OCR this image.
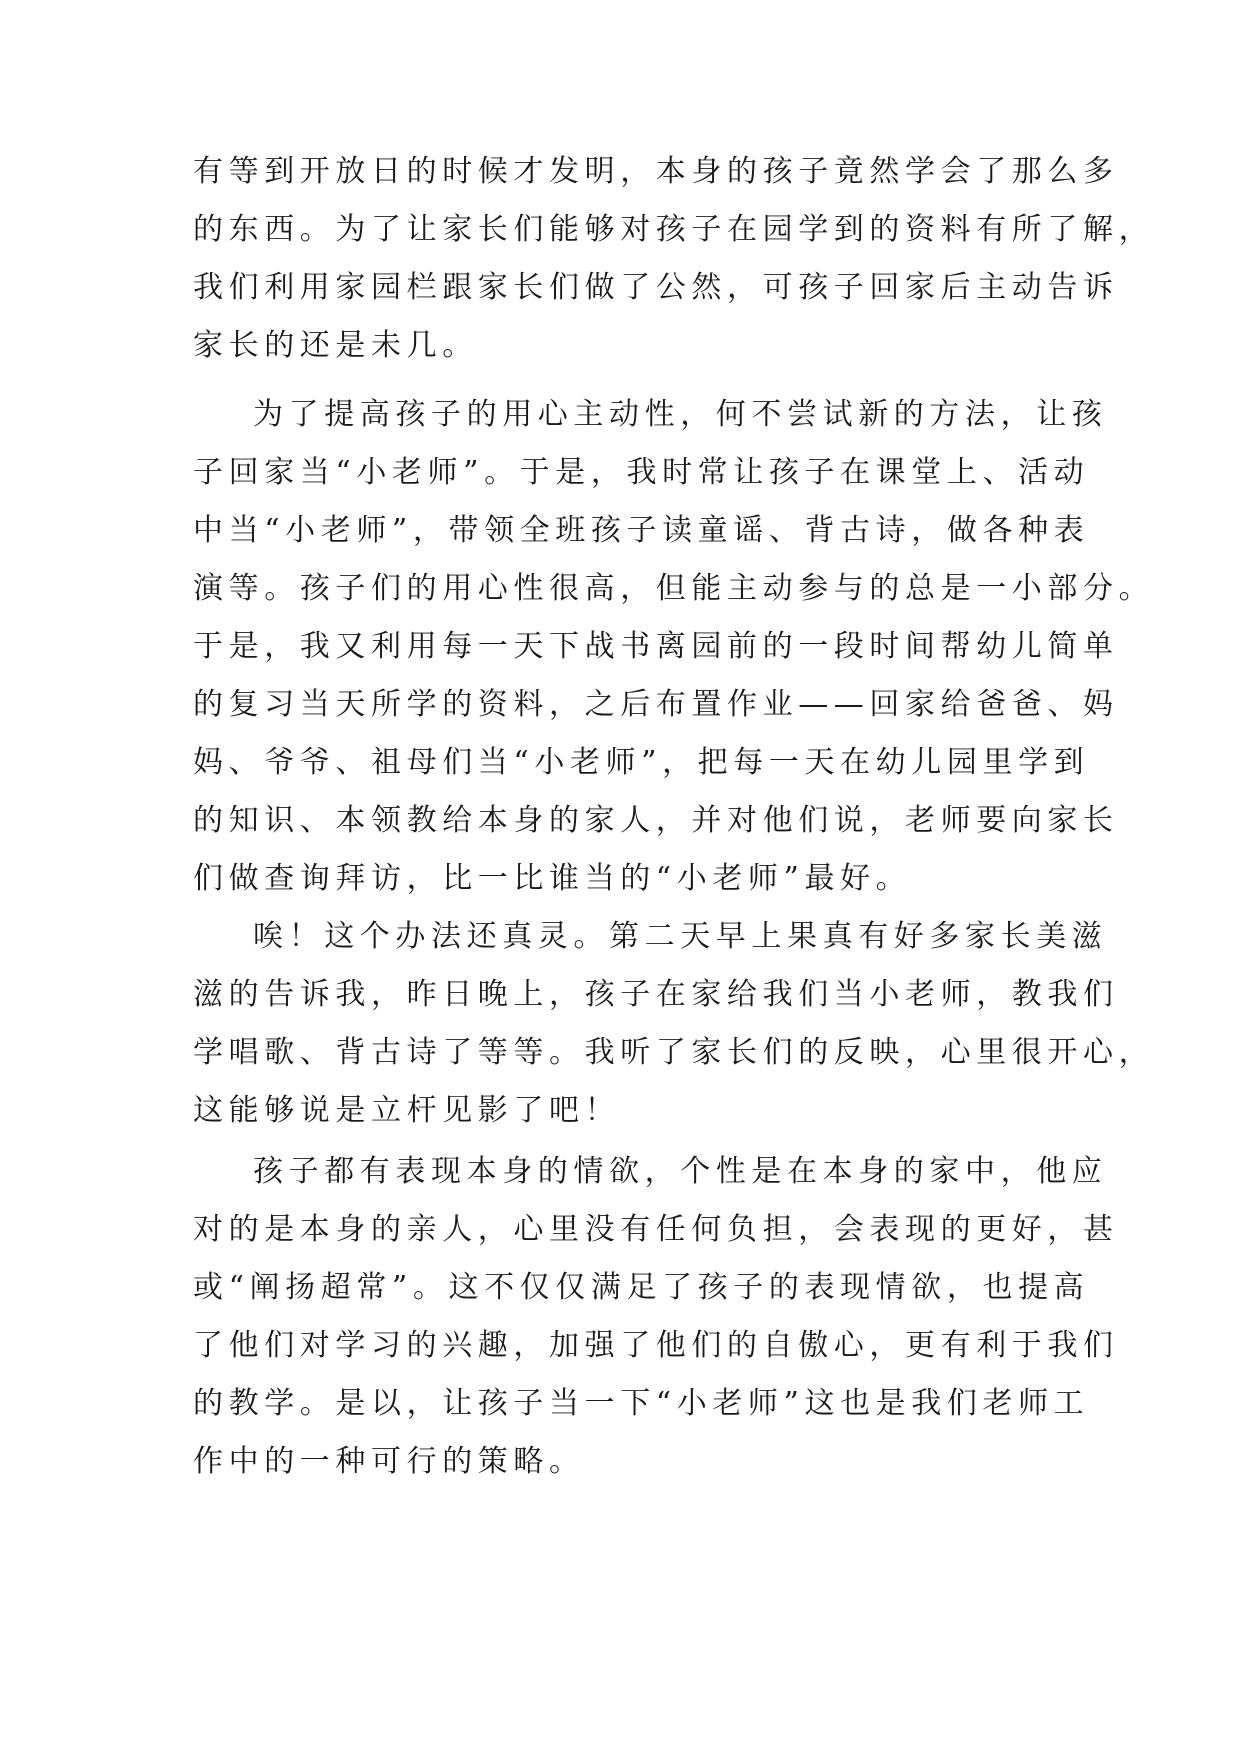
有等到开放日的时候才发明，本身的孩子竟然学会了那么多
的东西。为了让家长们能够对孩子在园学到的资料有所了解，
我们利用家园栏跟家长们做了公然，可孩子回家后主动告诉
家长的还是未几。
为了提高孩子的用心主动性，何不尝试新的方法，让孩
子回家当“小老师”。于是，我时常让孩子在课堂上、活动
中当“小老师”，带领全班孩子读童谣、背古诗，做各种表
演等。孩子们的用心性很高，但能主动参与的总是一小部分。
于是，我又利用每一天下战书离园前的一段时间帮幼儿简单
的复习当天所学的资料，之后布置作业——回家给爸爸、妈
妈、爷爷、祖母们当“小老师”，把每一天在幼儿园里学到
的知识、本领教给本身的家人，并对他们说，老师要向家长
们做查询拜访，比一比谁当的“小老师”最好。
唉！这个办法还真灵。第二天早上果真有好多家长美滋
滋的告诉我，昨日晚上，孩子在家给我们当小老师，教我们
学唱歌、背古诗了等等。我听了家长们的反映，心里很开心，
这能够说是立杆见影了吧！
孩子都有表现本身的情欲，个性是在本身的家中，他应
对的是本身的亲人，心里没有任何负担，会表现的更好，甚
或“阐扬超常”。这不仅仅满足了孩子的表现情欲，也提高
了他们对学习的兴趣，加强了他们的自傲心，更有利于我们
的教学。是以，让孩子当一下“小老师”这也是我们老师工
作中的一种可行的策略。
